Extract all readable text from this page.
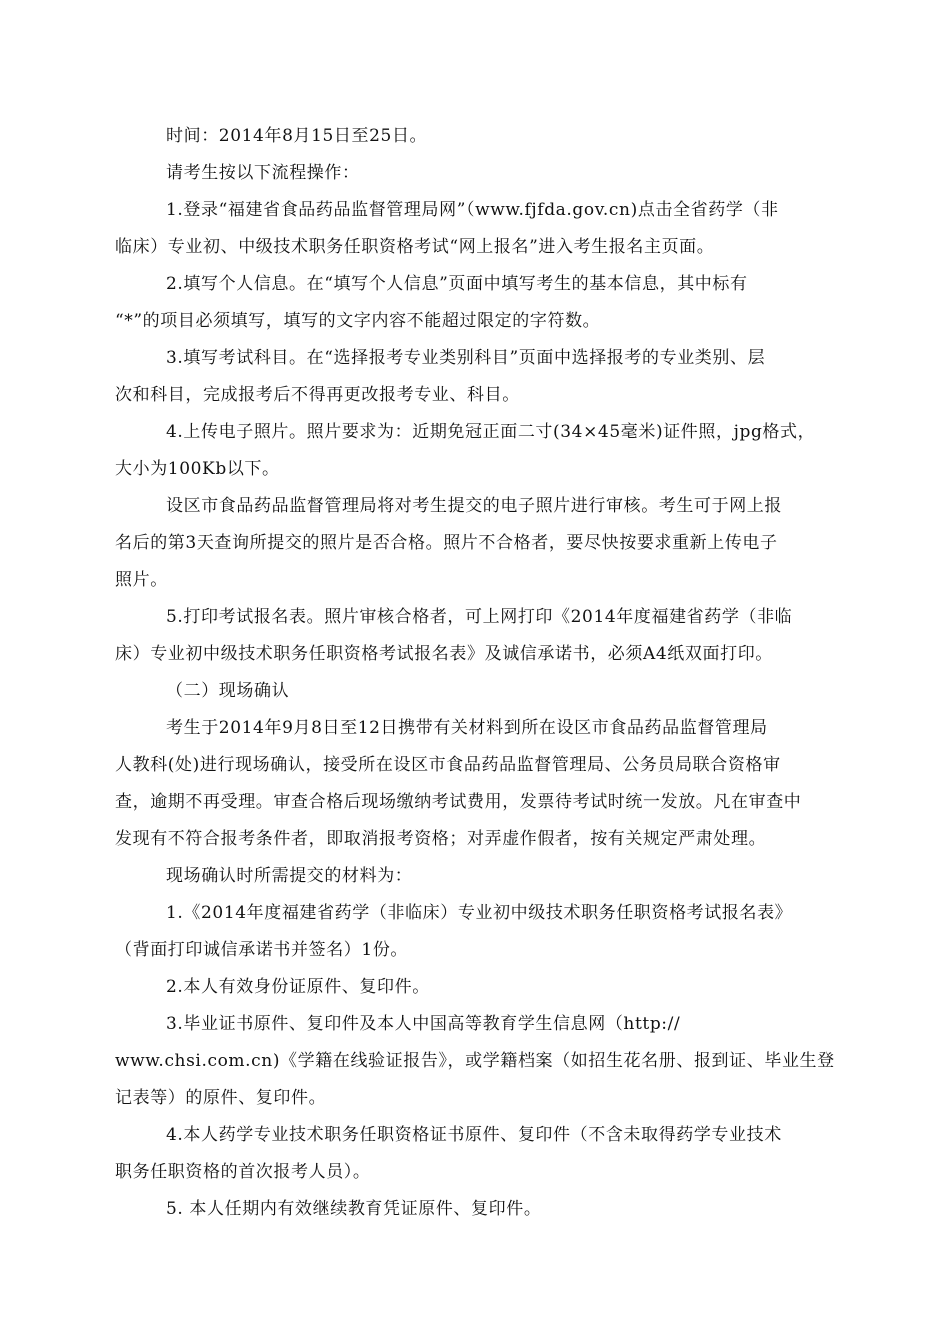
时间：2014年8月15日至25日。
请考生按以下流程操作：
1.登录“福建省食品药品监督管理局网”（www.fjfda.gov.cn)点击全省药学（非
临床）专业初、中级技术职务任职资格考试“网上报名”进入考生报名主页面。
2.填写个人信息。在“填写个人信息”页面中填写考生的基本信息，其中标有
“*”的项目必须填写，填写的文字内容不能超过限定的字符数。
3.填写考试科目。在“选择报考专业类别科目”页面中选择报考的专业类别、层
次和科目，完成报考后不得再更改报考专业、科目。
4.上传电子照片。照片要求为：近期免冠正面二寸(34×45毫米)证件照，jpg格式，
大小为100Kb以下。
设区市食品药品监督管理局将对考生提交的电子照片进行审核。考生可于网上报
名后的第3天查询所提交的照片是否合格。照片不合格者，要尽快按要求重新上传电子
照片。
5.打印考试报名表。照片审核合格者，可上网打印《2014年度福建省药学（非临
床）专业初中级技术职务任职资格考试报名表》及诚信承诺书，必须A4纸双面打印。
（二）现场确认
考生于2014年9月8日至12日携带有关材料到所在设区市食品药品监督管理局
人教科(处)进行现场确认，接受所在设区市食品药品监督管理局、公务员局联合资格审
查，逾期不再受理。审查合格后现场缴纳考试费用，发票待考试时统一发放。凡在审查中
发现有不符合报考条件者，即取消报考资格；对弄虚作假者，按有关规定严肃处理。
现场确认时所需提交的材料为：
1.《2014年度福建省药学（非临床）专业初中级技术职务任职资格考试报名表》
（背面打印诚信承诺书并签名）1份。
2.本人有效身份证原件、复印件。
3.毕业证书原件、复印件及本人中国高等教育学生信息网（http://
www.chsi.com.cn)《学籍在线验证报告》，或学籍档案（如招生花名册、报到证、毕业生登
记表等）的原件、复印件。
4.本人药学专业技术职务任职资格证书原件、复印件（不含未取得药学专业技术
职务任职资格的首次报考人员）。
5. 本人任期内有效继续教育凭证原件、复印件。
